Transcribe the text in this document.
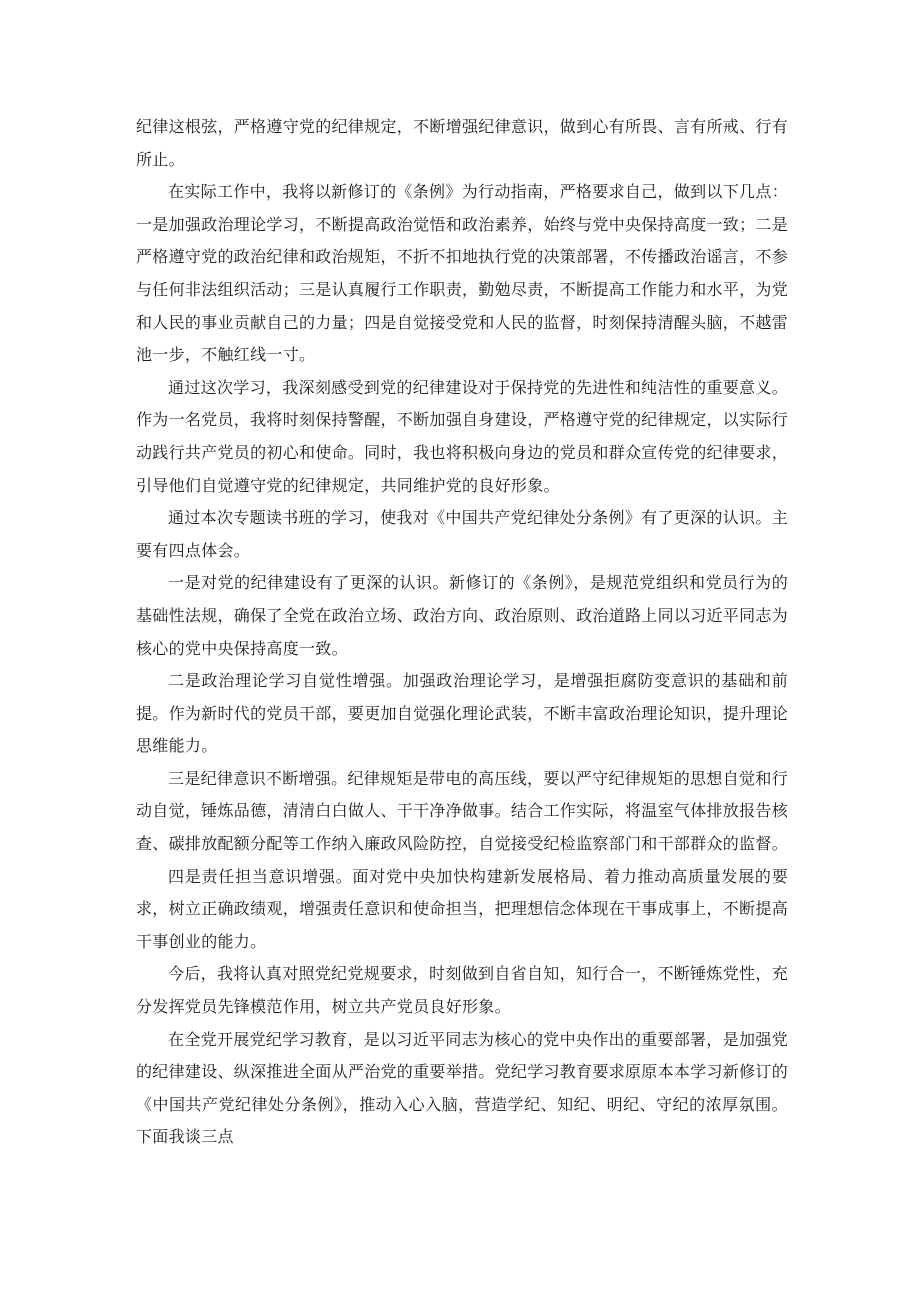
纪律这根弦，严格遵守党的纪律规定，不断增强纪律意识，做到心有所畏、言有所戒、行有所止。

在实际工作中，我将以新修订的《条例》为行动指南，严格要求自己，做到以下几点：一是加强政治理论学习，不断提高政治觉悟和政治素养，始终与党中央保持高度一致；二是严格遵守党的政治纪律和政治规矩，不折不扣地执行党的决策部署，不传播政治谣言，不参与任何非法组织活动；三是认真履行工作职责，勤勉尽责，不断提高工作能力和水平，为党和人民的事业贡献自己的力量；四是自觉接受党和人民的监督，时刻保持清醒头脑，不越雷池一步，不触红线一寸。

通过这次学习，我深刻感受到党的纪律建设对于保持党的先进性和纯洁性的重要意义。作为一名党员，我将时刻保持警醒，不断加强自身建设，严格遵守党的纪律规定，以实际行动践行共产党员的初心和使命。同时，我也将积极向身边的党员和群众宣传党的纪律要求，引导他们自觉遵守党的纪律规定，共同维护党的良好形象。

通过本次专题读书班的学习，使我对《中国共产党纪律处分条例》有了更深的认识。主要有四点体会。

一是对党的纪律建设有了更深的认识。新修订的《条例》，是规范党组织和党员行为的基础性法规，确保了全党在政治立场、政治方向、政治原则、政治道路上同以习近平同志为核心的党中央保持高度一致。

二是政治理论学习自觉性增强。加强政治理论学习，是增强拒腐防变意识的基础和前提。作为新时代的党员干部，要更加自觉强化理论武装，不断丰富政治理论知识，提升理论思维能力。

三是纪律意识不断增强。纪律规矩是带电的高压线，要以严守纪律规矩的思想自觉和行动自觉，锤炼品德，清清白白做人、干干净净做事。结合工作实际，将温室气体排放报告核查、碳排放配额分配等工作纳入廉政风险防控，自觉接受纪检监察部门和干部群众的监督。

四是责任担当意识增强。面对党中央加快构建新发展格局、着力推动高质量发展的要求，树立正确政绩观，增强责任意识和使命担当，把理想信念体现在干事成事上，不断提高干事创业的能力。

今后，我将认真对照党纪党规要求，时刻做到自省自知，知行合一，不断锤炼党性，充分发挥党员先锋模范作用，树立共产党员良好形象。

在全党开展党纪学习教育，是以习近平同志为核心的党中央作出的重要部署，是加强党的纪律建设、纵深推进全面从严治党的重要举措。党纪学习教育要求原原本本学习新修订的《中国共产党纪律处分条例》，推动入心入脑，营造学纪、知纪、明纪、守纪的浓厚氛围。下面我谈三点
